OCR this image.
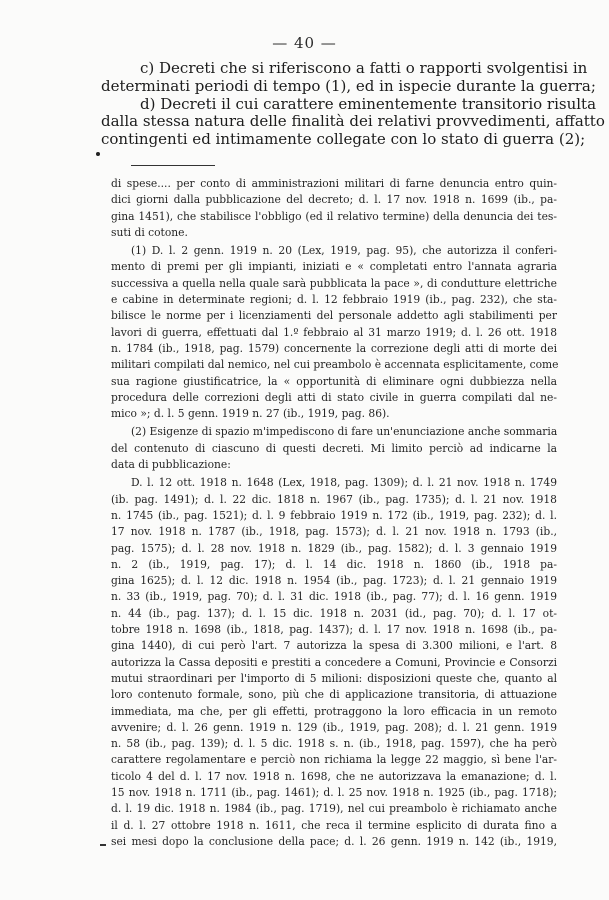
— 40 —
c) Decreti che si riferiscono a fatti o rapporti svolgentisi in
determinati periodi di tempo (1), ed in ispecie durante la guerra;
d) Decreti il cui carattere eminentemente transitorio risulta
dalla stessa natura delle finalità dei relativi provvedimenti, affatto
contingenti ed intimamente collegate con lo stato di guerra (2);
di spese.... per conto di amministrazioni militari di farne denuncia entro quin-
dici giorni dalla pubblicazione del decreto; d. l. 17 nov. 1918 n. 1699 (ib., pa-
gina 1451), che stabilisce l'obbligo (ed il relativo termine) della denuncia dei tes-
suti di cotone.
(1) D. l. 2 genn. 1919 n. 20 (Lex, 1919, pag. 95), che autorizza il conferi-
mento di premi per gli impianti, iniziati e « completati entro l'annata agraria
successiva a quella nella quale sarà pubblicata la pace », di condutture elettriche
e cabine in determinate regioni; d. l. 12 febbraio 1919 (ib., pag. 232), che sta-
bilisce le norme per i licenziamenti del personale addetto agli stabilimenti per
lavori di guerra, effettuati dal 1.º febbraio al 31 marzo 1919; d. l. 26 ott. 1918
n. 1784 (ib., 1918, pag. 1579) concernente la correzione degli atti di morte dei
militari compilati dal nemico, nel cui preambolo è accennata esplicitamente, come
sua ragione giustificatrice, la « opportunità di eliminare ogni dubbiezza nella
procedura delle correzioni degli atti di stato civile in guerra compilati dal ne-
mico »; d. l. 5 genn. 1919 n. 27 (ib., 1919, pag. 86).
(2) Esigenze di spazio m'impediscono di fare un'enunciazione anche sommaria
del contenuto di ciascuno di questi decreti. Mi limito perciò ad indicarne la
data di pubblicazione:
D. l. 12 ott. 1918 n. 1648 (Lex, 1918, pag. 1309); d. l. 21 nov. 1918 n. 1749
(ib. pag. 1491); d. l. 22 dic. 1818 n. 1967 (ib., pag. 1735); d. l. 21 nov. 1918
n. 1745 (ib., pag. 1521); d. l. 9 febbraio 1919 n. 172 (ib., 1919, pag. 232); d. l.
17 nov. 1918 n. 1787 (ib., 1918, pag. 1573); d. l. 21 nov. 1918 n. 1793 (ib.,
pag. 1575); d. l. 28 nov. 1918 n. 1829 (ib., pag. 1582); d. l. 3 gennaio 1919
n. 2 (ib., 1919, pag. 17); d. l. 14 dic. 1918 n. 1860 (ib., 1918 pa-
gina 1625); d. l. 12 dic. 1918 n. 1954 (ib., pag. 1723); d. l. 21 gennaio 1919
n. 33 (ib., 1919, pag. 70); d. l. 31 dic. 1918 (ib., pag. 77); d. l. 16 genn. 1919
n. 44 (ib., pag. 137); d. l. 15 dic. 1918 n. 2031 (id., pag. 70); d. l. 17 ot-
tobre 1918 n. 1698 (ib., 1818, pag. 1437); d. l. 17 nov. 1918 n. 1698 (ib., pa-
gina 1440), di cui però l'art. 7 autorizza la spesa di 3.300 milioni, e l'art. 8
autorizza la Cassa depositi e prestiti a concedere a Comuni, Provincie e Consorzi
mutui straordinari per l'importo di 5 milioni: disposizioni queste che, quanto al
loro contenuto formale, sono, più che di applicazione transitoria, di attuazione
immediata, ma che, per gli effetti, protraggono la loro efficacia in un remoto
avvenire; d. l. 26 genn. 1919 n. 129 (ib., 1919, pag. 208); d. l. 21 genn. 1919
n. 58 (ib., pag. 139); d. l. 5 dic. 1918 s. n. (ib., 1918, pag. 1597), che ha però
carattere regolamentare e perciò non richiama la legge 22 maggio, sì bene l'ar-
ticolo 4 del d. l. 17 nov. 1918 n. 1698, che ne autorizzava la emanazione; d. l.
15 nov. 1918 n. 1711 (ib., pag. 1461); d. l. 25 nov. 1918 n. 1925 (ib., pag. 1718);
d. l. 19 dic. 1918 n. 1984 (ib., pag. 1719), nel cui preambolo è richiamato anche
il d. l. 27 ottobre 1918 n. 1611, che reca il termine esplicito di durata fino a
sei mesi dopo la conclusione della pace; d. l. 26 genn. 1919 n. 142 (ib., 1919,
